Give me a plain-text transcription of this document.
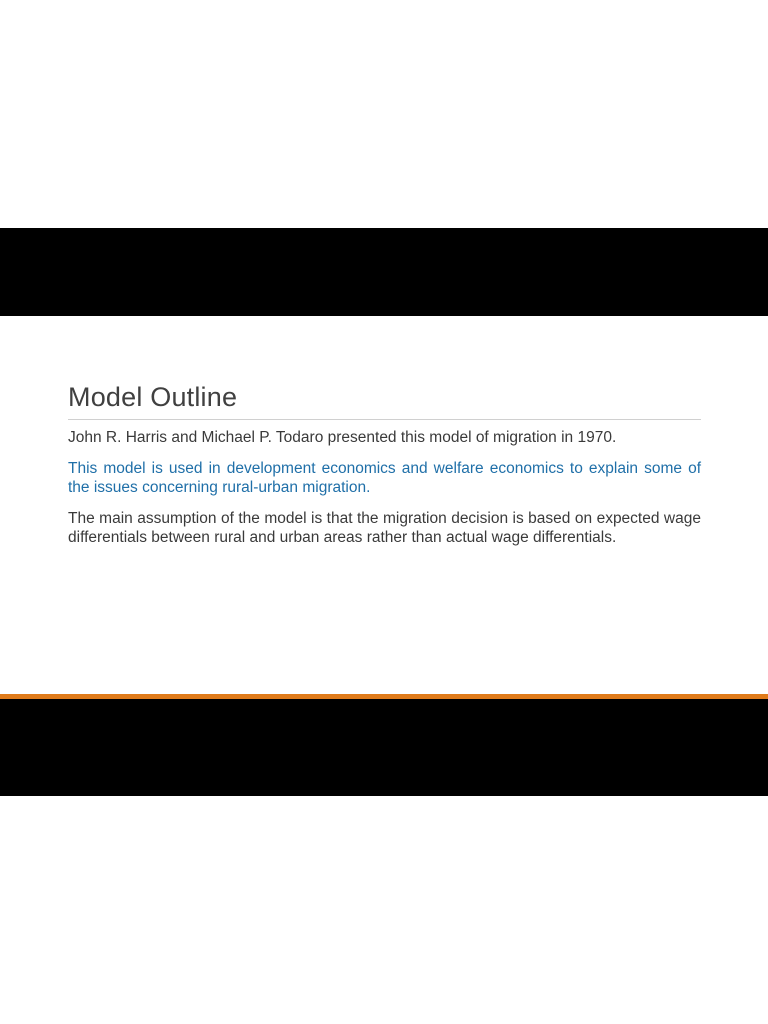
Model Outline
John R. Harris and Michael P. Todaro presented this model of migration in 1970.
This model is used in development economics and welfare economics to explain some of the issues concerning rural-urban migration.
The main assumption of the model is that the migration decision is based on expected wage differentials between rural and urban areas rather than actual wage differentials.
